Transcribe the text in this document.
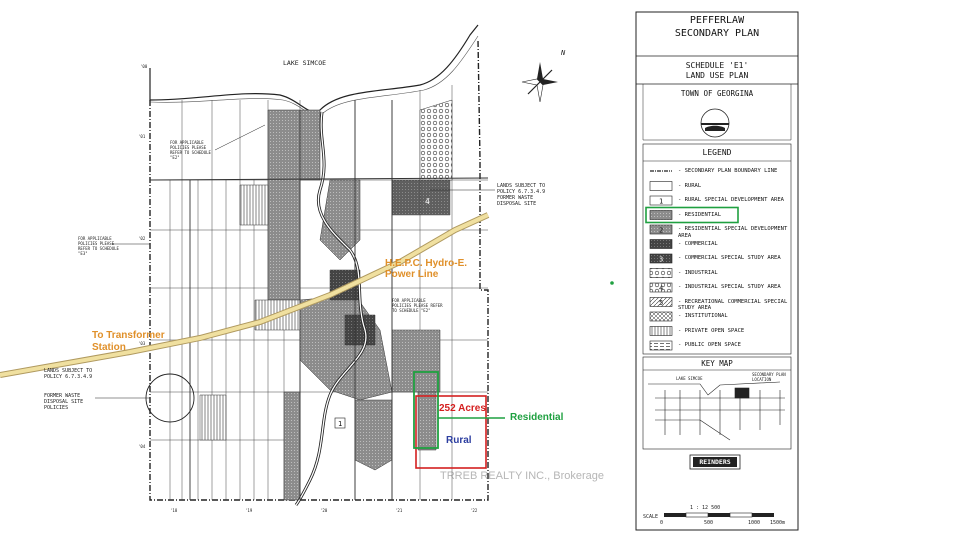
4
1
'00
'01
'02
'03
'04
'18	'19	'20	'21	'22
1
2
3
4
5
LAKE SIMCOE
N
FOR APPLICABLE POLICIES PLEASE REFER TO SCHEDULE "E2"
FOR APPLICABLE POLICIES PLEASE REFER TO SCHEDULE "E3"
FOR APPLICABLE POLICIES PLEASE REFER TO SCHEDULE "E2"
LANDS SUBJECT TO POLICY 6.7.3.4.9 FORMER WASTE DISPOSAL SITE
LANDS SUBJECT TO POLICY 6.7.3.4.9
FORMER WASTE DISPOSAL SITE POLICIES
H.E.P.C. Hydro-E.
Power Line
To Transformer
Station
252 Acres
Rural
Residential
TRREB REALTY INC., Brokerage
PEFFERLAW
SECONDARY PLAN
SCHEDULE 'E1'
LAND USE PLAN
TOWN OF GEORGINA
LEGEND
- SECONDARY PLAN BOUNDARY LINE
- RURAL
- RURAL SPECIAL DEVELOPMENT AREA
- RESIDENTIAL
- RESIDENTIAL SPECIAL DEVELOPMENT AREA
- COMMERCIAL
- COMMERCIAL SPECIAL STUDY AREA
- INDUSTRIAL
- INDUSTRIAL SPECIAL STUDY AREA
- RECREATIONAL COMMERCIAL SPECIAL STUDY AREA
- INSTITUTIONAL
- PRIVATE OPEN SPACE
- PUBLIC OPEN SPACE
KEY MAP
LAKE SIMCOE
SECONDARY PLAN LOCATION
REINDERS
SCALE
1 : 12 500
0	500	1000 1500m
